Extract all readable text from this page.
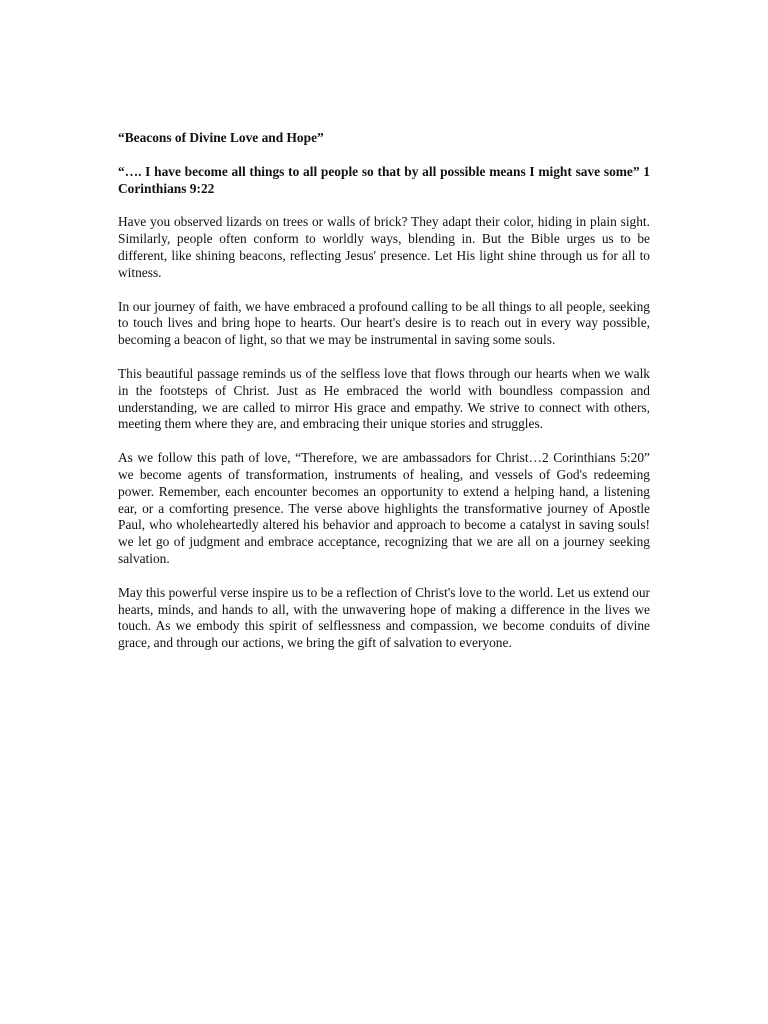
“Beacons of Divine Love and Hope”
“…. I have become all things to all people so that by all possible means I might save some” 1 Corinthians 9:22
Have you observed lizards on trees or walls of brick? They adapt their color, hiding in plain sight. Similarly, people often conform to worldly ways, blending in. But the Bible urges us to be different, like shining beacons, reflecting Jesus' presence. Let His light shine through us for all to witness.
In our journey of faith, we have embraced a profound calling to be all things to all people, seeking to touch lives and bring hope to hearts. Our heart's desire is to reach out in every way possible, becoming a beacon of light, so that we may be instrumental in saving some souls.
This beautiful passage reminds us of the selfless love that flows through our hearts when we walk in the footsteps of Christ. Just as He embraced the world with boundless compassion and understanding, we are called to mirror His grace and empathy. We strive to connect with others, meeting them where they are, and embracing their unique stories and struggles.
As we follow this path of love, “Therefore, we are ambassadors for Christ…2 Corinthians 5:20” we become agents of transformation, instruments of healing, and vessels of God's redeeming power. Remember, each encounter becomes an opportunity to extend a helping hand, a listening ear, or a comforting presence. The verse above highlights the transformative journey of Apostle Paul, who wholeheartedly altered his behavior and approach to become a catalyst in saving souls! we let go of judgment and embrace acceptance, recognizing that we are all on a journey seeking salvation.
May this powerful verse inspire us to be a reflection of Christ's love to the world. Let us extend our hearts, minds, and hands to all, with the unwavering hope of making a difference in the lives we touch. As we embody this spirit of selflessness and compassion, we become conduits of divine grace, and through our actions, we bring the gift of salvation to everyone.
